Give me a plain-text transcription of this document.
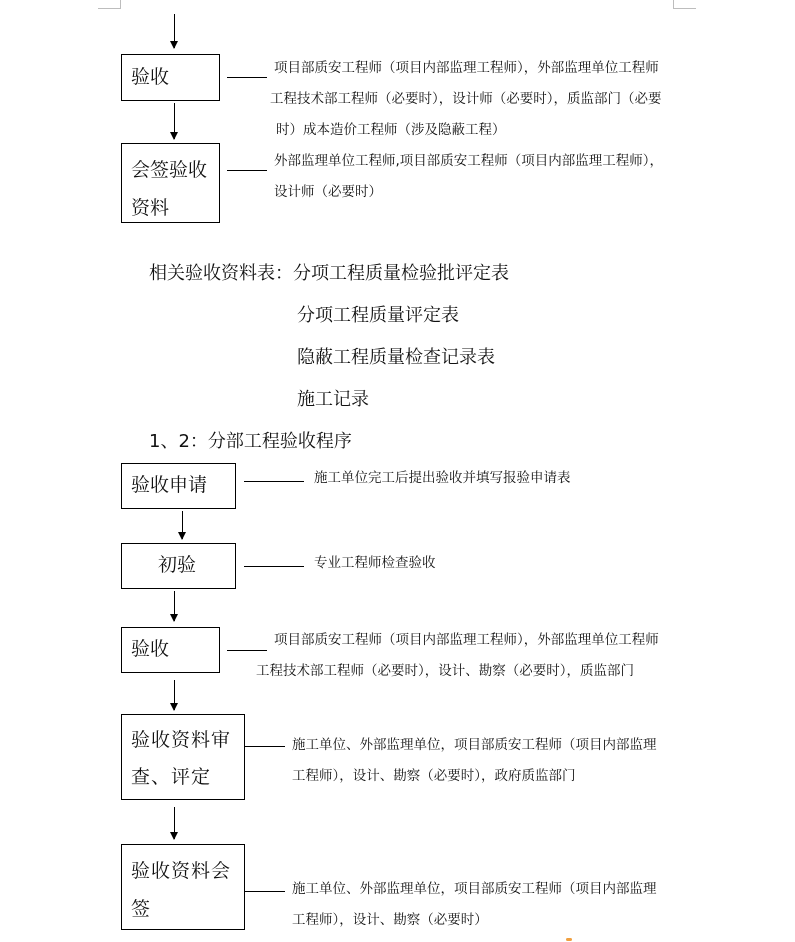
验收	项目部质安工程师（项目内部监理工程师），外部监理单位工程师
工程技术部工程师（必要时），设计师（必要时），质监部门（必要
时）成本造价工程师（涉及隐蔽工程）
会签验收
资料
外部监理单位工程师,项目部质安工程师（项目内部监理工程师），
设计师（必要时）
相关验收资料表：分项工程质量检验批评定表
分项工程质量评定表
隐蔽工程质量检查记录表
施工记录
1、2：分部工程验收程序
验收申请	施工单位完工后提出验收并填写报验申请表
初验	专业工程师检查验收
验收	项目部质安工程师（项目内部监理工程师），外部监理单位工程师
工程技术部工程师（必要时），设计、勘察（必要时），质监部门
验收资料审
查、评定
施工单位、外部监理单位，项目部质安工程师（项目内部监理
工程师），设计、勘察（必要时），政府质监部门
验收资料会
签
施工单位、外部监理单位，项目部质安工程师（项目内部监理
工程师），设计、勘察（必要时）
